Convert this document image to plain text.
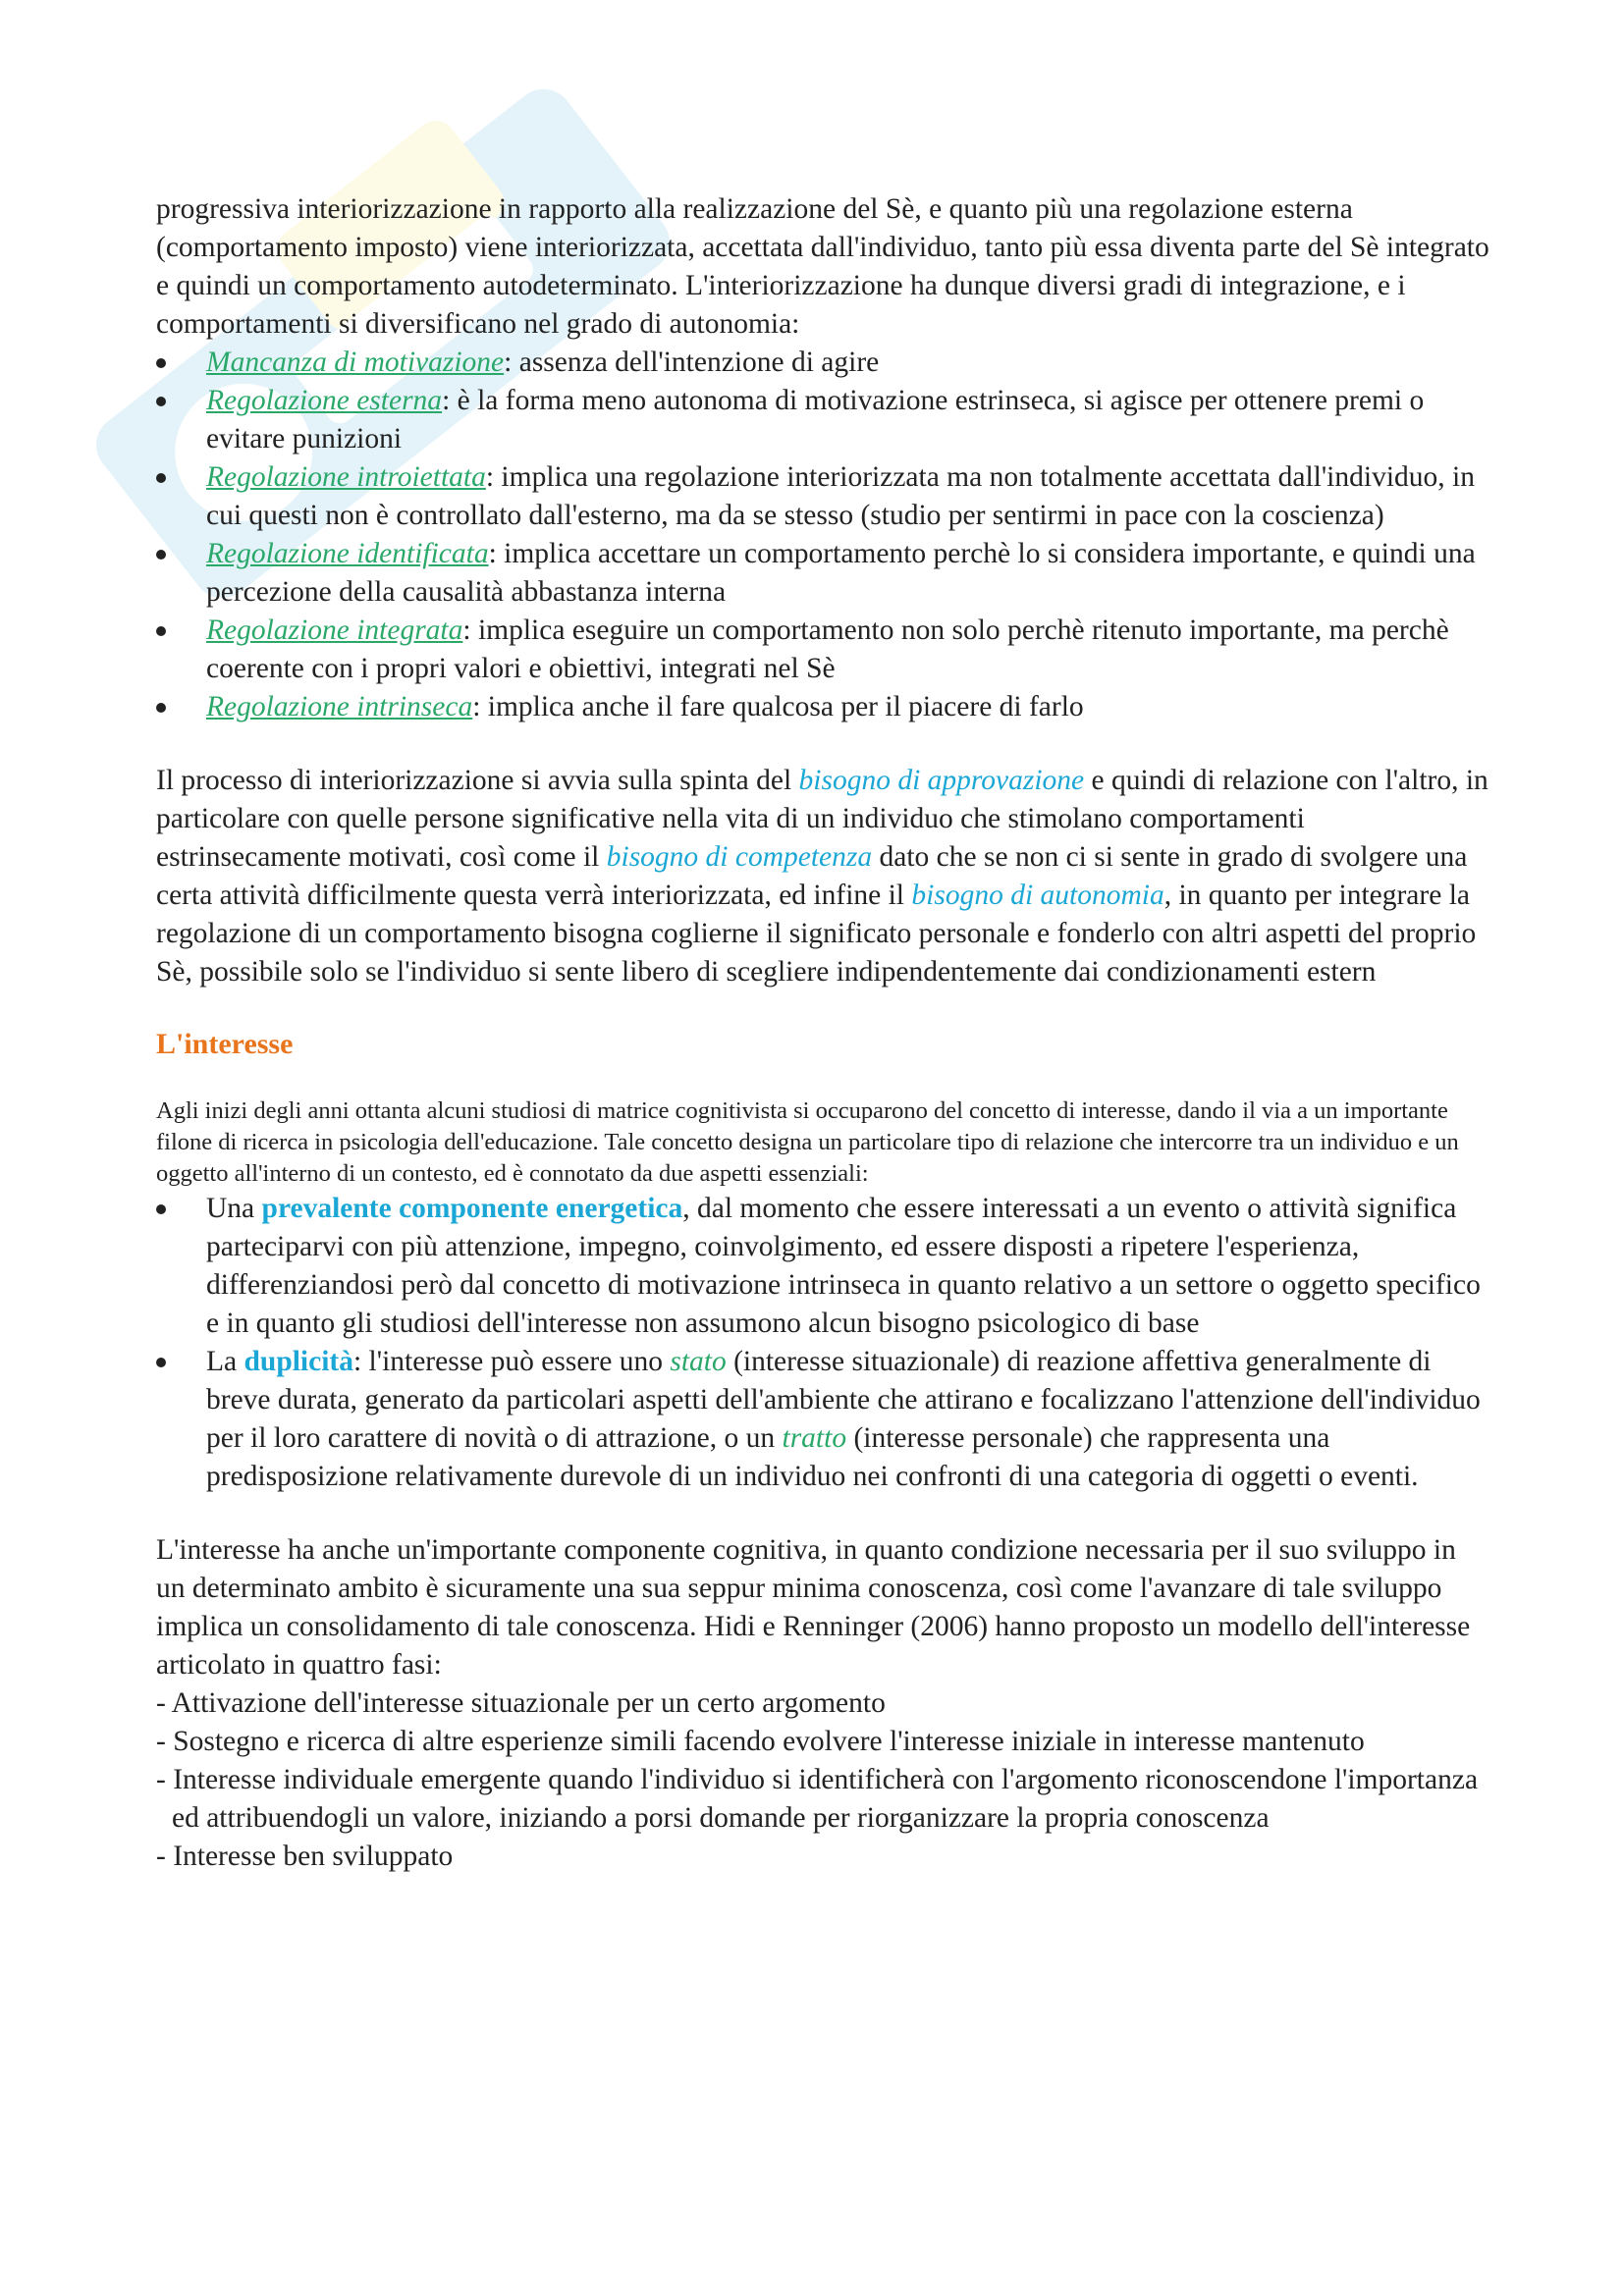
progressiva interiorizzazione in rapporto alla realizzazione del Sè, e quanto più una regolazione esterna (comportamento imposto) viene interiorizzata, accettata dall'individuo, tanto più essa diventa parte del Sè integrato e quindi un comportamento autodeterminato. L'interiorizzazione ha dunque diversi gradi di integrazione, e i comportamenti si diversificano nel grado di autonomia:

Mancanza di motivazione: assenza dell'intenzione di agire
Regolazione esterna: è la forma meno autonoma di motivazione estrinseca, si agisce per ottenere premi o evitare punizioni
Regolazione introiettata: implica una regolazione interiorizzata ma non totalmente accettata dall'individuo, in cui questi non è controllato dall'esterno, ma da se stesso (studio per sentirmi in pace con la coscienza)
Regolazione identificata: implica accettare un comportamento perchè lo si considera importante, e quindi una percezione della causalità abbastanza interna
Regolazione integrata: implica eseguire un comportamento non solo perchè ritenuto importante, ma perchè coerente con i propri valori e obiettivi, integrati nel Sè
Regolazione intrinseca: implica anche il fare qualcosa per il piacere di farlo

Il processo di interiorizzazione si avvia sulla spinta del bisogno di approvazione e quindi di relazione con l'altro, in particolare con quelle persone significative nella vita di un individuo che stimolano comportamenti estrinsecamente motivati, così come il bisogno di competenza dato che se non ci si sente in grado di svolgere una certa attività difficilmente questa verrà interiorizzata, ed infine il bisogno di autonomia, in quanto per integrare la regolazione di un comportamento bisogna coglierne il significato personale e fonderlo con altri aspetti del proprio Sè, possibile solo se l'individuo si sente libero di scegliere indipendentemente dai condizionamenti estern

L'interesse

Agli inizi degli anni ottanta alcuni studiosi di matrice cognitivista si occuparono del concetto di interesse, dando il via a un importante filone di ricerca in psicologia dell'educazione. Tale concetto designa un particolare tipo di relazione che intercorre tra un individuo e un oggetto all'interno di un contesto, ed è connotato da due aspetti essenziali:

Una prevalente componente energetica, dal momento che essere interessati a un evento o attività significa parteciparvi con più attenzione, impegno, coinvolgimento, ed essere disposti a ripetere l'esperienza, differenziandosi però dal concetto di motivazione intrinseca in quanto relativo a un settore o oggetto specifico e in quanto gli studiosi dell'interesse non assumono alcun bisogno psicologico di base
La duplicità: l'interesse può essere uno stato (interesse situazionale) di reazione affettiva generalmente di breve durata, generato da particolari aspetti dell'ambiente che attirano e focalizzano l'attenzione dell'individuo per il loro carattere di novità o di attrazione, o un tratto (interesse personale) che rappresenta una predisposizione relativamente durevole di un individuo nei confronti di una categoria di oggetti o eventi.

L'interesse ha anche un'importante componente cognitiva, in quanto condizione necessaria per il suo sviluppo in un determinato ambito è sicuramente una sua seppur minima conoscenza, così come l'avanzare di tale sviluppo implica un consolidamento di tale conoscenza. Hidi e Renninger (2006) hanno proposto un modello dell'interesse articolato in quattro fasi:

- Attivazione dell'interesse situazionale per un certo argomento

- Sostegno e ricerca di altre esperienze simili facendo evolvere l'interesse iniziale in interesse mantenuto

- Interesse individuale emergente quando l'individuo si identificherà con l'argomento riconoscendone l'importanza ed attribuendogli un valore, iniziando a porsi domande per riorganizzare la propria conoscenza

- Interesse ben sviluppato
